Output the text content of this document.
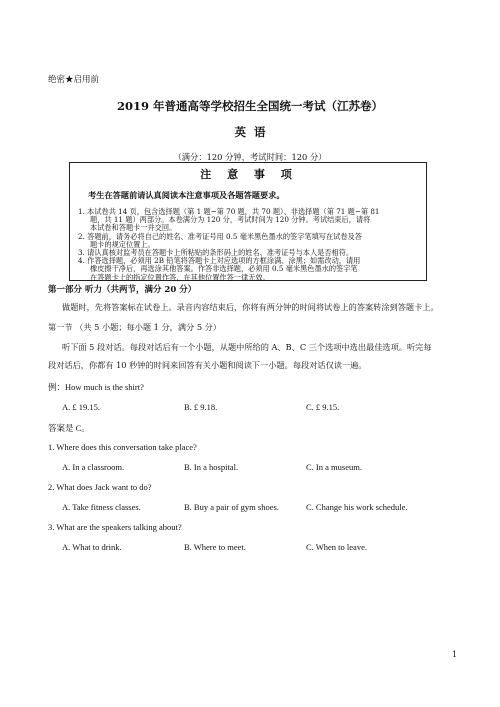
绝密★启用前
2019 年普通高等学校招生全国统一考试（江苏卷）
英语
（满分：120 分钟，考试时间：120 分）
注 意 事 项
考生在答题前请认真阅读本注意事项及各题答题要求。
1. 本试卷共 14 页，包含选择题（第 1 题~第 70 题，共 70 题）、非选择题（第 71 题~第 81
题，共 11 题）两部分。本卷满分为 120 分，考试时间为 120 分钟。考试结束后，请将
本试卷和答题卡一并交回。
2. 答题前，请务必将自己的姓名、准考证号用 0.5 毫米黑色墨水的签字笔填写在试卷及答
题卡的规定位置上。
3. 请认真核对监考员在答题卡上所粘贴的条形码上的姓名、准考证号与本人是否相符。
4. 作答选择题，必须用 2B 铅笔将答题卡上对应选项的方框涂满、涂黑；如需改动，请用
橡皮擦干净后，再选涂其他答案。作答非选择题，必须用 0.5 毫米黑色墨水的签字笔
在答题卡上的指定位置作答，在其他位置作答一律无效。
第一部分 听力（共两节，满分 20 分）
做题时，先将答案标在试卷上。录音内容结束后，你将有两分钟的时间将试卷上的答案转涂到答题卡上。
第一节 （共 5 小题；每小题 1 分，满分 5 分）
听下面 5 段对话。每段对话后有一个小题，从题中所给的 A、B、C 三个选项中选出最佳选项。听完每
段对话后，你都有 10 秒钟的时间来回答有关小题和阅读下一小题。每段对话仅读一遍。
例：How much is the shirt?
A. £ 19.15.	B. £ 9.18.	C. £ 9.15.
答案是 C。
1. Where does this conversation take place?
A. In a classroom.	B. In a hospital.	C. In a museum.
2. What does Jack want to do?
A. Take fitness classes.	B. Buy a pair of gym shoes.	C. Change his work schedule.
3. What are the speakers talking about?
A. What to drink.	B. Where to meet.	C. When to leave.
1
